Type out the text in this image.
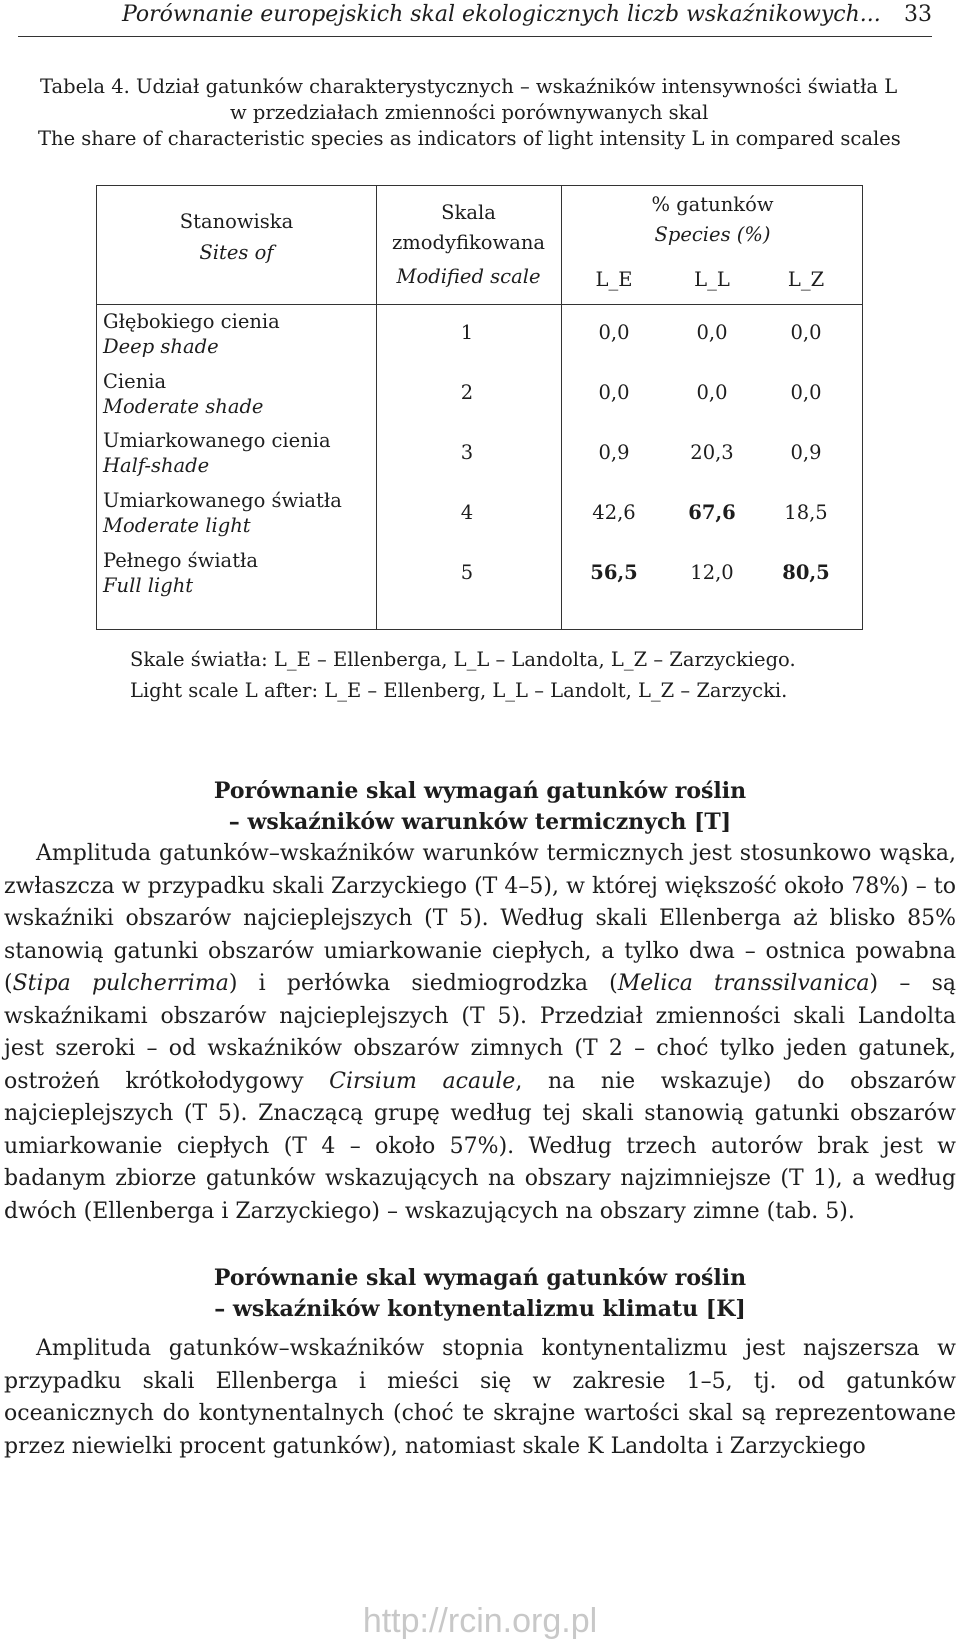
Porównanie europejskich skal ekologicznych liczb wskaźnikowych... 33
Tabela 4. Udział gatunków charakterystycznych – wskaźników intensywności światła L
w przedziałach zmienności porównywanych skal
The share of characteristic species as indicators of light intensity L in compared scales
Stanowiska
Sites of
Skala
zmodyfikowana
Modified scale
% gatunków
Species (%)
L_E	L_L	L_Z
Głębokiego cienia
Deep shade
1	0,0	0,0	0,0
Cienia
Moderate shade
2	0,0	0,0	0,0
Umiarkowanego cienia
Half-shade
3	0,9	20,3	0,9
Umiarkowanego światła
Moderate light
4	42,6	67,6	18,5
Pełnego światła
Full light
5	56,5	12,0	80,5
Skale światła: L_E – Ellenberga, L_L – Landolta, L_Z – Zarzyckiego.
Light scale L after: L_E – Ellenberg, L_L – Landolt, L_Z – Zarzycki.
Porównanie skal wymagań gatunków roślin
– wskaźników warunków termicznych [T]

Amplituda gatunków–wskaźników warunków termicznych jest stosunkowo wąska, zwłaszcza w przypadku skali Zarzyckiego (T 4–5), w której większość około 78%) – to wskaźniki obszarów najcieplejszych (T 5). Według skali Ellenberga aż blisko 85% stanowią gatunki obszarów umiarkowanie ciepłych, a tylko dwa – ostnica powabna (Stipa pulcherrima) i perłówka siedmiogrodzka (Melica transsilvanica) – są wskaźnikami obszarów najcieplejszych (T 5). Przedział zmienności skali Landolta jest szeroki – od wskaźników obszarów zimnych (T 2 – choć tylko jeden gatunek, ostrożeń krótkołodygowy Cirsium acaule, na nie wskazuje) do obszarów najcieplejszych (T 5). Znaczącą grupę według tej skali stanowią gatunki obszarów umiarkowanie ciepłych (T 4 – około 57%). Według trzech autorów brak jest w badanym zbiorze gatunków wskazujących na obszary najzimniejsze (T 1), a według dwóch (Ellenberga i Zarzyckiego) – wskazujących na obszary zimne (tab. 5).

Porównanie skal wymagań gatunków roślin
– wskaźników kontynentalizmu klimatu [K]

Amplituda gatunków–wskaźników stopnia kontynentalizmu jest najszersza w przypadku skali Ellenberga i mieści się w zakresie 1–5, tj. od gatunków oceanicznych do kontynentalnych (choć te skrajne wartości skal są reprezentowane przez niewielki procent gatunków), natomiast skale K Landolta i Zarzyckiego

http://rcin.org.pl
